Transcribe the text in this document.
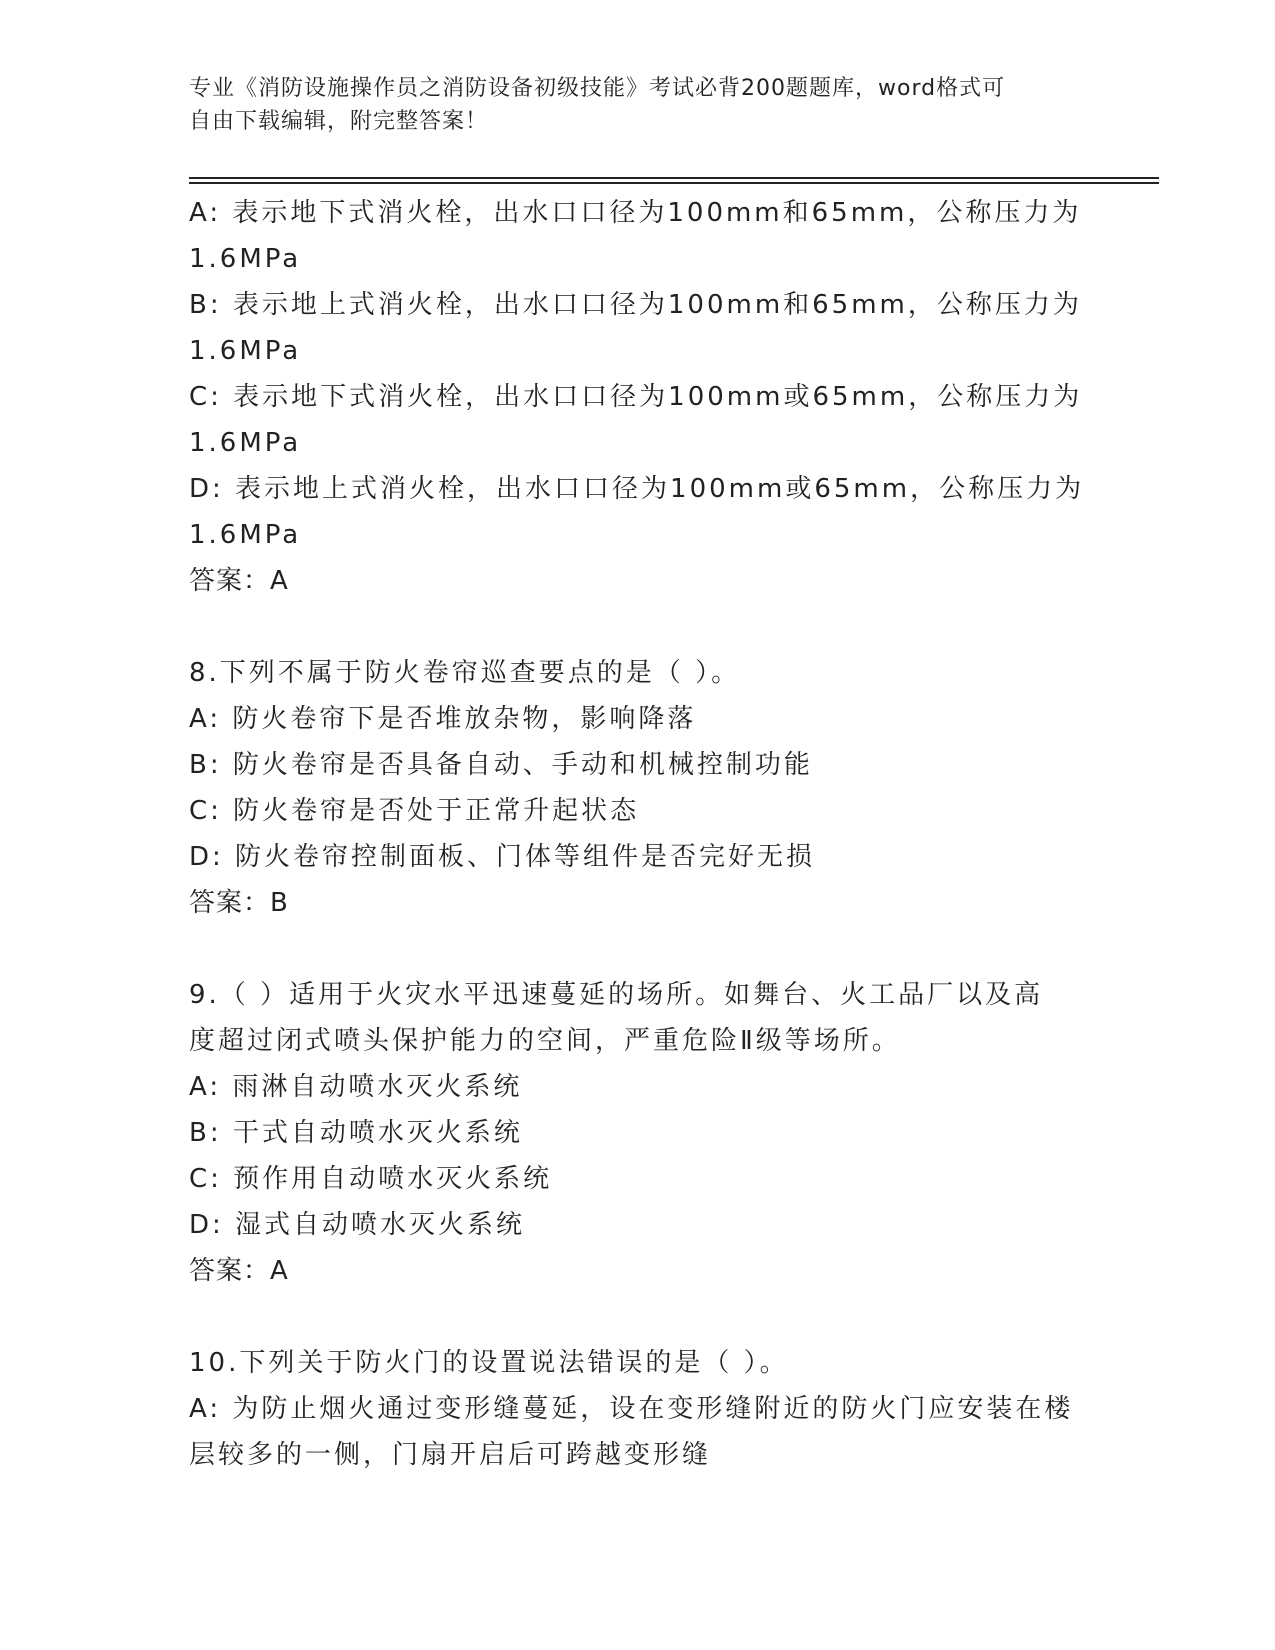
专业《消防设施操作员之消防设备初级技能》考试必背200题题库，word格式可
自由下载编辑，附完整答案！
A: 表示地下式消火栓，出水口口径为100mm和65mm，公称压力为
1.6MPa
B: 表示地上式消火栓，出水口口径为100mm和65mm，公称压力为
1.6MPa
C: 表示地下式消火栓，出水口口径为100mm或65mm，公称压力为
1.6MPa
D: 表示地上式消火栓，出水口口径为100mm或65mm，公称压力为
1.6MPa
答案：A
8.下列不属于防火卷帘巡查要点的是（ ）。
A: 防火卷帘下是否堆放杂物，影响降落
B: 防火卷帘是否具备自动、手动和机械控制功能
C: 防火卷帘是否处于正常升起状态
D: 防火卷帘控制面板、门体等组件是否完好无损
答案：B
9.（ ）适用于火灾水平迅速蔓延的场所。如舞台、火工品厂以及高
度超过闭式喷头保护能力的空间，严重危险Ⅱ级等场所。
A: 雨淋自动喷水灭火系统
B: 干式自动喷水灭火系统
C: 预作用自动喷水灭火系统
D: 湿式自动喷水灭火系统
答案：A
10.下列关于防火门的设置说法错误的是（ ）。
A: 为防止烟火通过变形缝蔓延，设在变形缝附近的防火门应安装在楼
层较多的一侧，门扇开启后可跨越变形缝
